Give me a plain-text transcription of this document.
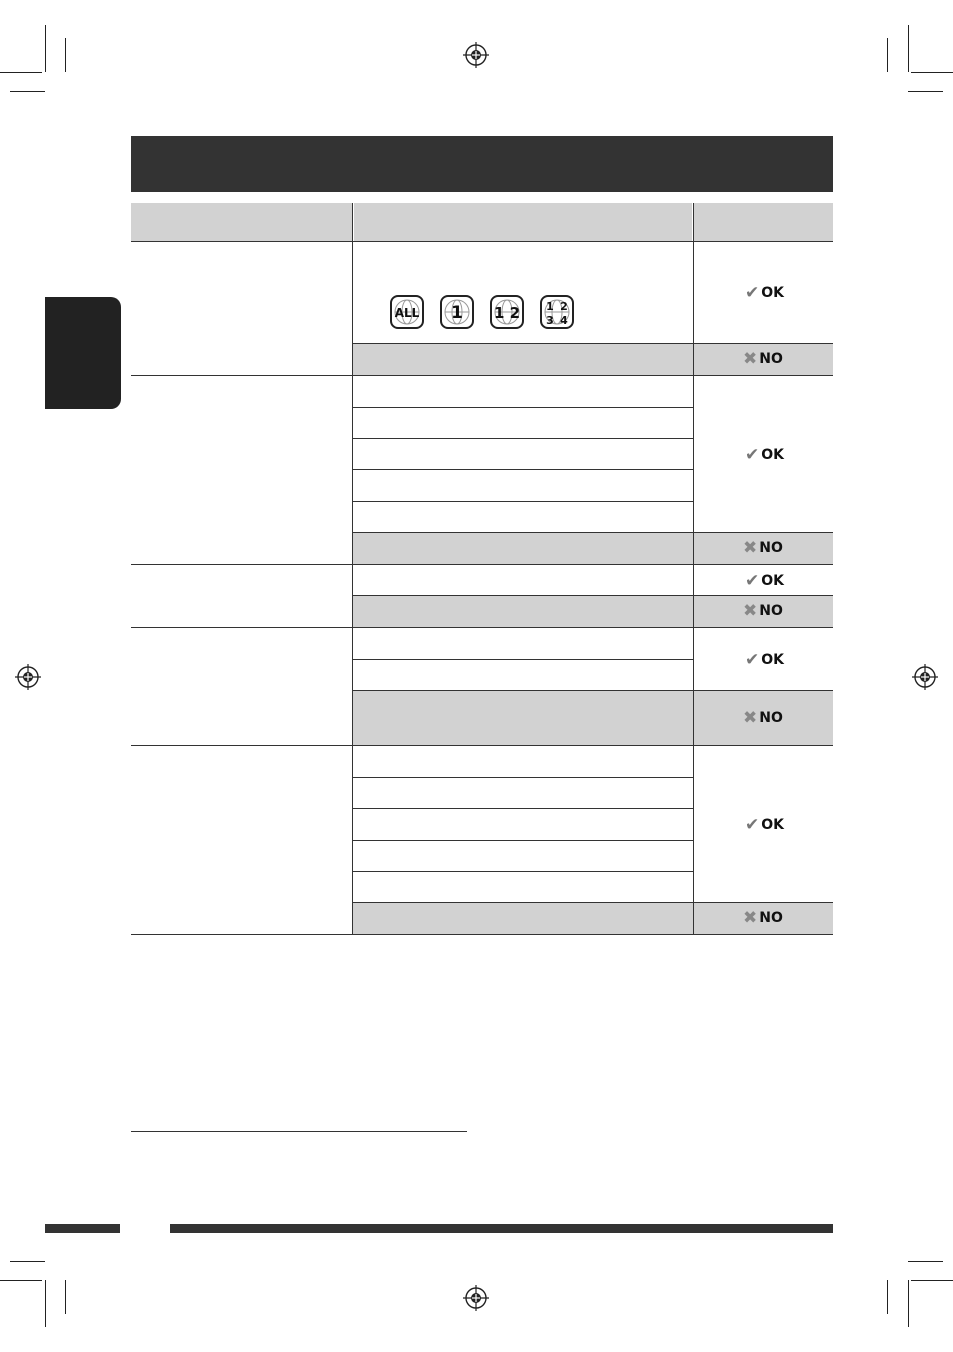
ALL 1 1 2 1 2
3 4
✔ OK
✖ NO
✔ OK
✖ NO
✔ OK
✖ NO
✔ OK
✖ NO
✔ OK
✖ NO
